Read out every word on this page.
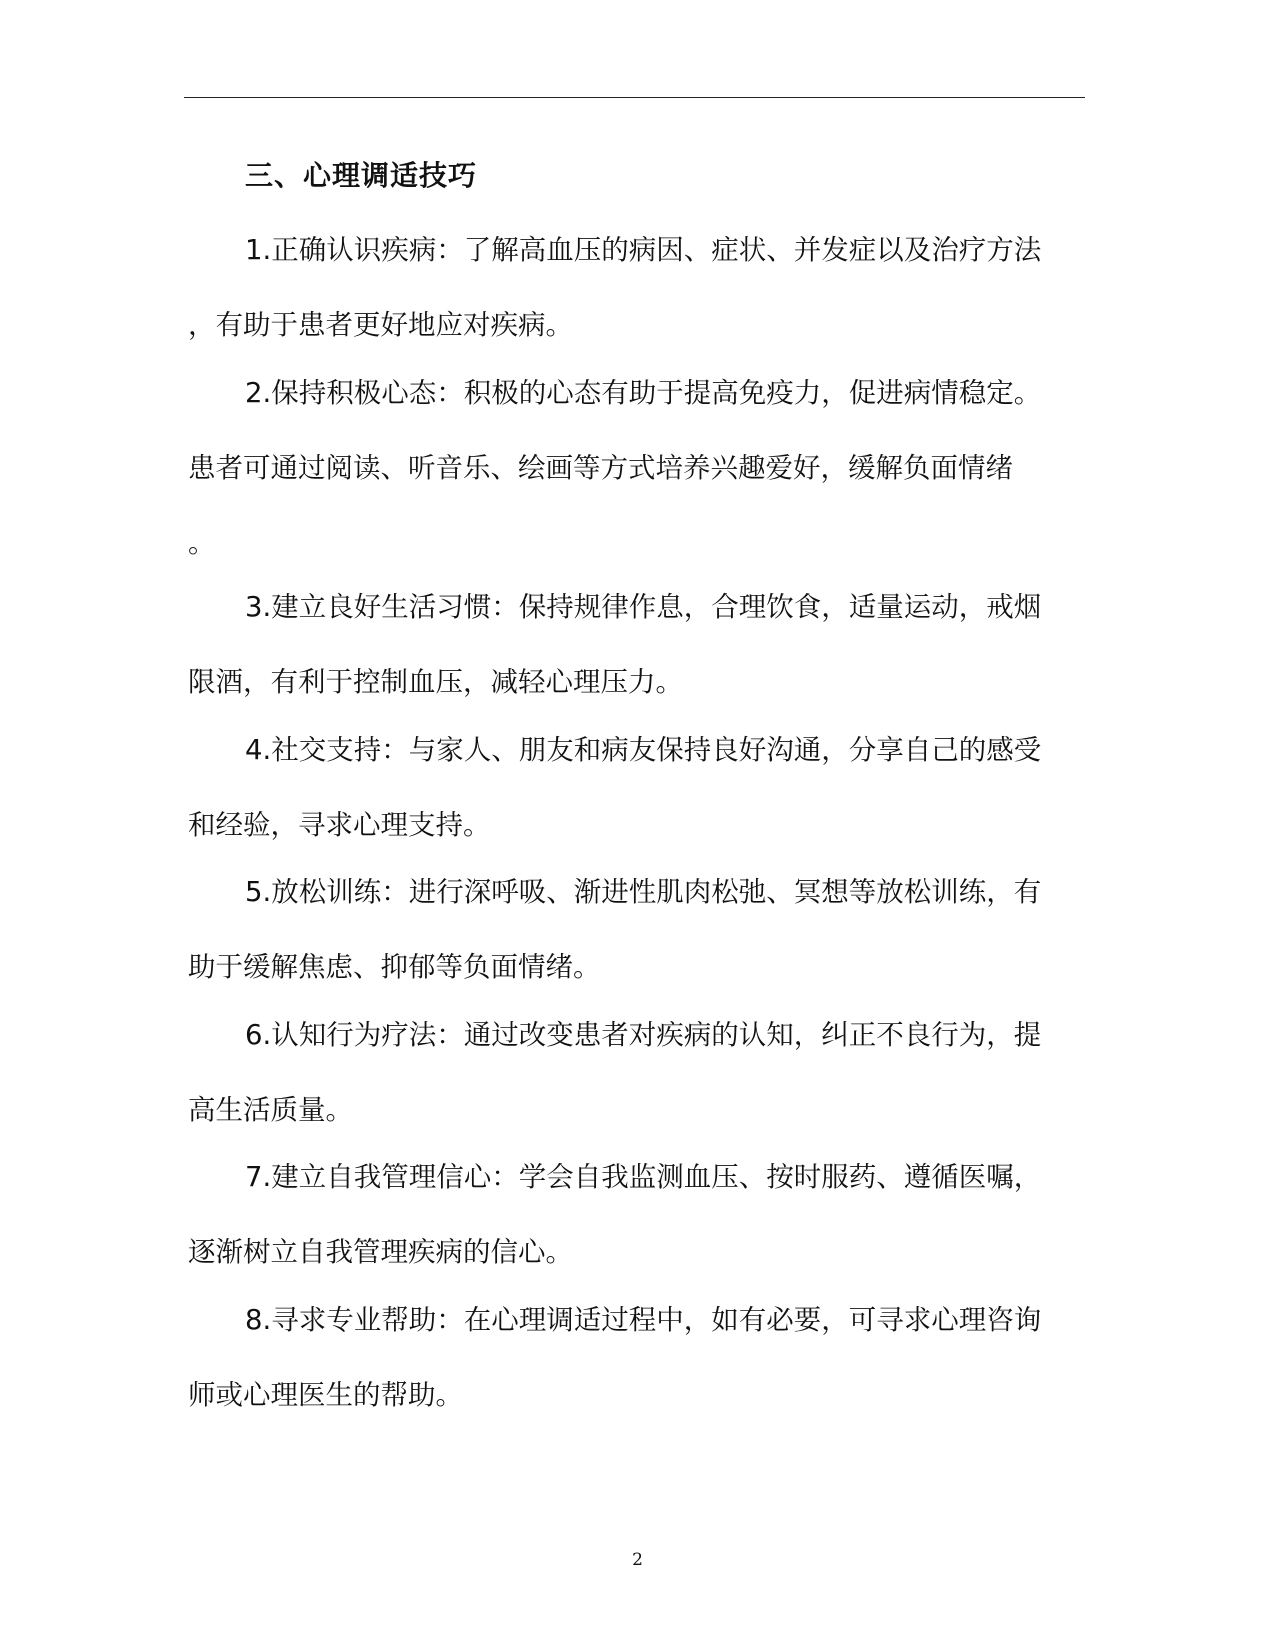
三、心理调适技巧
1.正确认识疾病：了解高血压的病因、症状、并发症以及治疗方法
，有助于患者更好地应对疾病。
2.保持积极心态：积极的心态有助于提高免疫力，促进病情稳定。
患者可通过阅读、听音乐、绘画等方式培养兴趣爱好，缓解负面情绪
。
3.建立良好生活习惯：保持规律作息，合理饮食，适量运动，戒烟
限酒，有利于控制血压，减轻心理压力。
4.社交支持：与家人、朋友和病友保持良好沟通，分享自己的感受
和经验，寻求心理支持。
5.放松训练：进行深呼吸、渐进性肌肉松弛、冥想等放松训练，有
助于缓解焦虑、抑郁等负面情绪。
6.认知行为疗法：通过改变患者对疾病的认知，纠正不良行为，提
高生活质量。
7.建立自我管理信心：学会自我监测血压、按时服药、遵循医嘱，
逐渐树立自我管理疾病的信心。
8.寻求专业帮助：在心理调适过程中，如有必要，可寻求心理咨询
师或心理医生的帮助。
2
